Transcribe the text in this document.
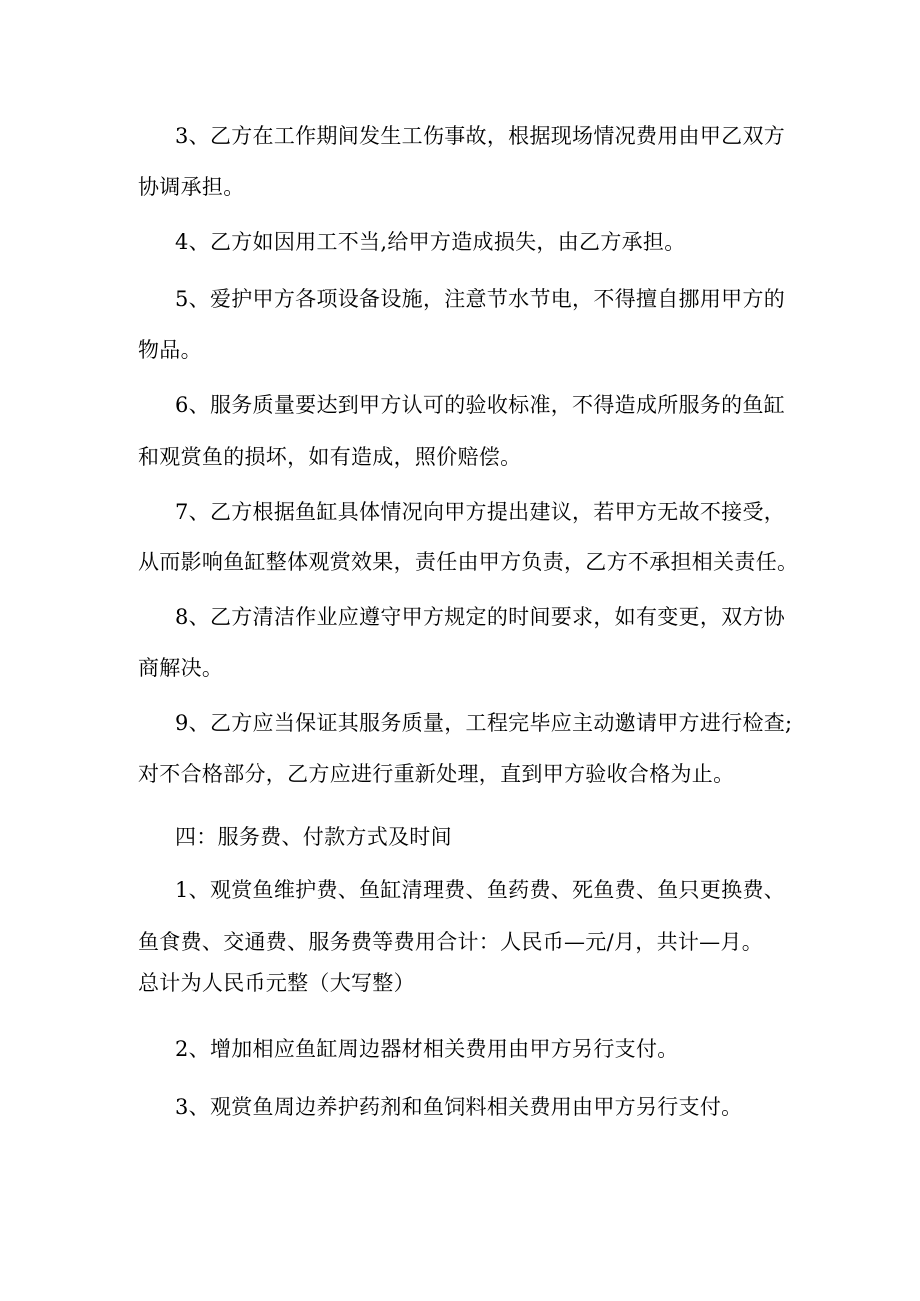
3、乙方在工作期间发生工伤事故，根据现场情况费用由甲乙双方
协调承担。
4、乙方如因用工不当,给甲方造成损失，由乙方承担。
5、爱护甲方各项设备设施，注意节水节电，不得擅自挪用甲方的
物品。
6、服务质量要达到甲方认可的验收标准，不得造成所服务的鱼缸
和观赏鱼的损坏，如有造成，照价赔偿。
7、乙方根据鱼缸具体情况向甲方提出建议，若甲方无故不接受，
从而影响鱼缸整体观赏效果，责任由甲方负责，乙方不承担相关责任。
8、乙方清洁作业应遵守甲方规定的时间要求，如有变更，双方协
商解决。
9、乙方应当保证其服务质量，工程完毕应主动邀请甲方进行检查;
对不合格部分，乙方应进行重新处理，直到甲方验收合格为止。
四：服务费、付款方式及时间
1、观赏鱼维护费、鱼缸清理费、鱼药费、死鱼费、鱼只更换费、
鱼食费、交通费、服务费等费用合计：人民币—元/月，共计—月。
总计为人民币元整（大写整）
2、增加相应鱼缸周边器材相关费用由甲方另行支付。
3、观赏鱼周边养护药剂和鱼饲料相关费用由甲方另行支付。
